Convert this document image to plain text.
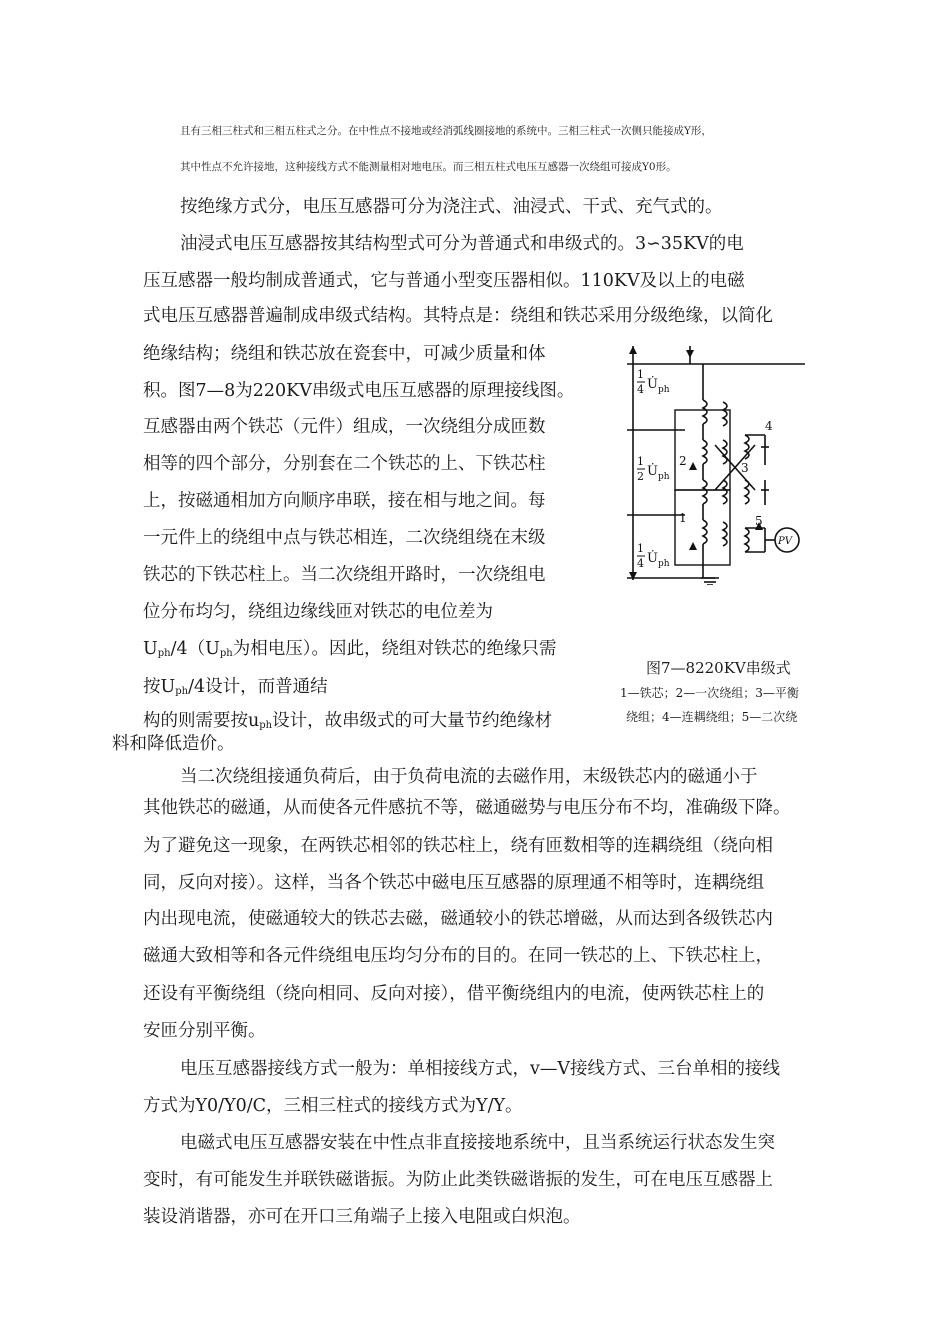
且有三相三柱式和三相五柱式之分。在中性点不接地或经消弧线圈接地的系统中。三相三柱式一次侧只能接成Y形，
其中性点不允许接地，这种接线方式不能测量相对地电压。而三相五柱式电压互感器一次绕组可接成Y0形。
按绝缘方式分，电压互感器可分为浇注式、油浸式、干式、充气式的。
油浸式电压互感器按其结构型式可分为普通式和串级式的。3∽35KV的电
压互感器一般均制成普通式，它与普通小型变压器相似。110KV及以上的电磁
式电压互感器普遍制成串级式结构。其特点是：绕组和铁芯采用分级绝缘，以简化
绝缘结构；绕组和铁芯放在瓷套中，可减少质量和体
积。图7—8为220KV串级式电压互感器的原理接线图。
互感器由两个铁芯（元件）组成，一次绕组分成匝数
相等的四个部分，分别套在二个铁芯的上、下铁芯柱
上，按磁通相加方向顺序串联，接在相与地之间。每
一元件上的绕组中点与铁芯相连，二次绕组绕在末级
铁芯的下铁芯柱上。当二次绕组开路时，一次绕组电
位分布均匀，绕组边缘线匝对铁芯的电位差为
$U_{ph}/4(U_{ph}$为相电压）。因此，绕组对铁芯的绝缘只需
按$U_{ph}/4$设计，而普通结
构的则需要按$u_{ph}$设计，故串级式的可大量节约绝缘材
料和降低造价。
1
4 U̇ ph
1
2 U̇ ph
1
4 U̇ ph
2
1
3
4
5
PV
图7—8220KV串级式
1—铁芯；2—一次绕组；3—平衡
绕组；4—连耦绕组；5—二次绕
当二次绕组接通负荷后，由于负荷电流的去磁作用，末级铁芯内的磁通小于
其他铁芯的磁通，从而使各元件感抗不等，磁通磁势与电压分布不均，准确级下降。
为了避免这一现象，在两铁芯相邻的铁芯柱上，绕有匝数相等的连耦绕组（绕向相
同，反向对接）。这样，当各个铁芯中磁电压互感器的原理通不相等时，连耦绕组
内出现电流，使磁通较大的铁芯去磁，磁通较小的铁芯增磁，从而达到各级铁芯内
磁通大致相等和各元件绕组电压均匀分布的目的。在同一铁芯的上、下铁芯柱上，
还设有平衡绕组（绕向相同、反向对接），借平衡绕组内的电流，使两铁芯柱上的
安匝分别平衡。
电压互感器接线方式一般为：单相接线方式，v—V接线方式、三台单相的接线
方式为Y0/Y0/C，三相三柱式的接线方式为Y/Y。
电磁式电压互感器安装在中性点非直接接地系统中，且当系统运行状态发生突
变时，有可能发生并联铁磁谐振。为防止此类铁磁谐振的发生，可在电压互感器上
装设消谐器，亦可在开口三角端子上接入电阻或白炽泡。
